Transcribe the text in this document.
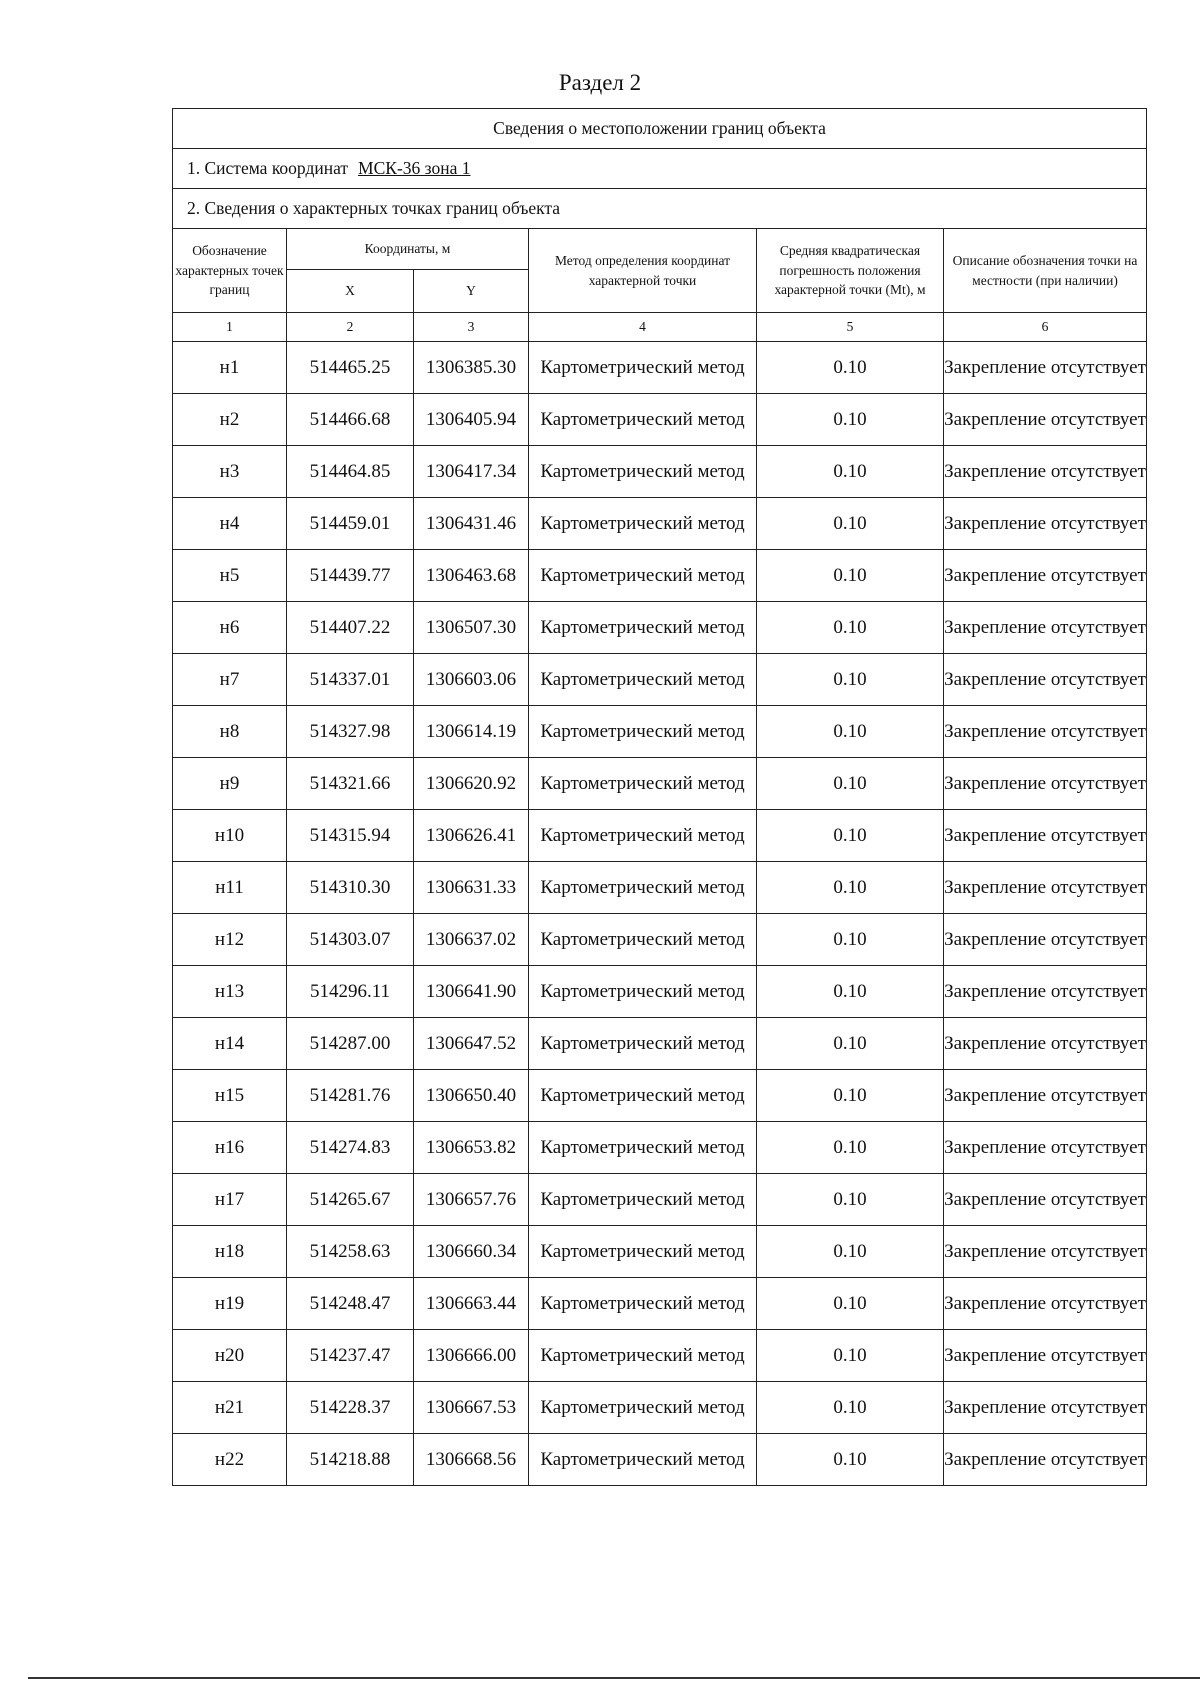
Раздел 2
Сведения о местоположении границ объекта					
1. Система координат МСК-36 зона 1					
2. Сведения о характерных точках границ объекта					
Обозначение характерных точек границ	Координаты, м		Метод определения координат характерной точки	Средняя квадратическая погрешность положения характерной точки (Mt), м	Описание обозначения точки на местности (при наличии)
	X	Y			
1	2	3	4	5	6
н1	514465.25	1306385.30	Картометрический метод	0.10	Закрепление отсутствует
н2	514466.68	1306405.94	Картометрический метод	0.10	Закрепление отсутствует
н3	514464.85	1306417.34	Картометрический метод	0.10	Закрепление отсутствует
н4	514459.01	1306431.46	Картометрический метод	0.10	Закрепление отсутствует
н5	514439.77	1306463.68	Картометрический метод	0.10	Закрепление отсутствует
н6	514407.22	1306507.30	Картометрический метод	0.10	Закрепление отсутствует
н7	514337.01	1306603.06	Картометрический метод	0.10	Закрепление отсутствует
н8	514327.98	1306614.19	Картометрический метод	0.10	Закрепление отсутствует
н9	514321.66	1306620.92	Картометрический метод	0.10	Закрепление отсутствует
н10	514315.94	1306626.41	Картометрический метод	0.10	Закрепление отсутствует
н11	514310.30	1306631.33	Картометрический метод	0.10	Закрепление отсутствует
н12	514303.07	1306637.02	Картометрический метод	0.10	Закрепление отсутствует
н13	514296.11	1306641.90	Картометрический метод	0.10	Закрепление отсутствует
н14	514287.00	1306647.52	Картометрический метод	0.10	Закрепление отсутствует
н15	514281.76	1306650.40	Картометрический метод	0.10	Закрепление отсутствует
н16	514274.83	1306653.82	Картометрический метод	0.10	Закрепление отсутствует
н17	514265.67	1306657.76	Картометрический метод	0.10	Закрепление отсутствует
н18	514258.63	1306660.34	Картометрический метод	0.10	Закрепление отсутствует
н19	514248.47	1306663.44	Картометрический метод	0.10	Закрепление отсутствует
н20	514237.47	1306666.00	Картометрический метод	0.10	Закрепление отсутствует
н21	514228.37	1306667.53	Картометрический метод	0.10	Закрепление отсутствует
н22	514218.88	1306668.56	Картометрический метод	0.10	Закрепление отсутствует
